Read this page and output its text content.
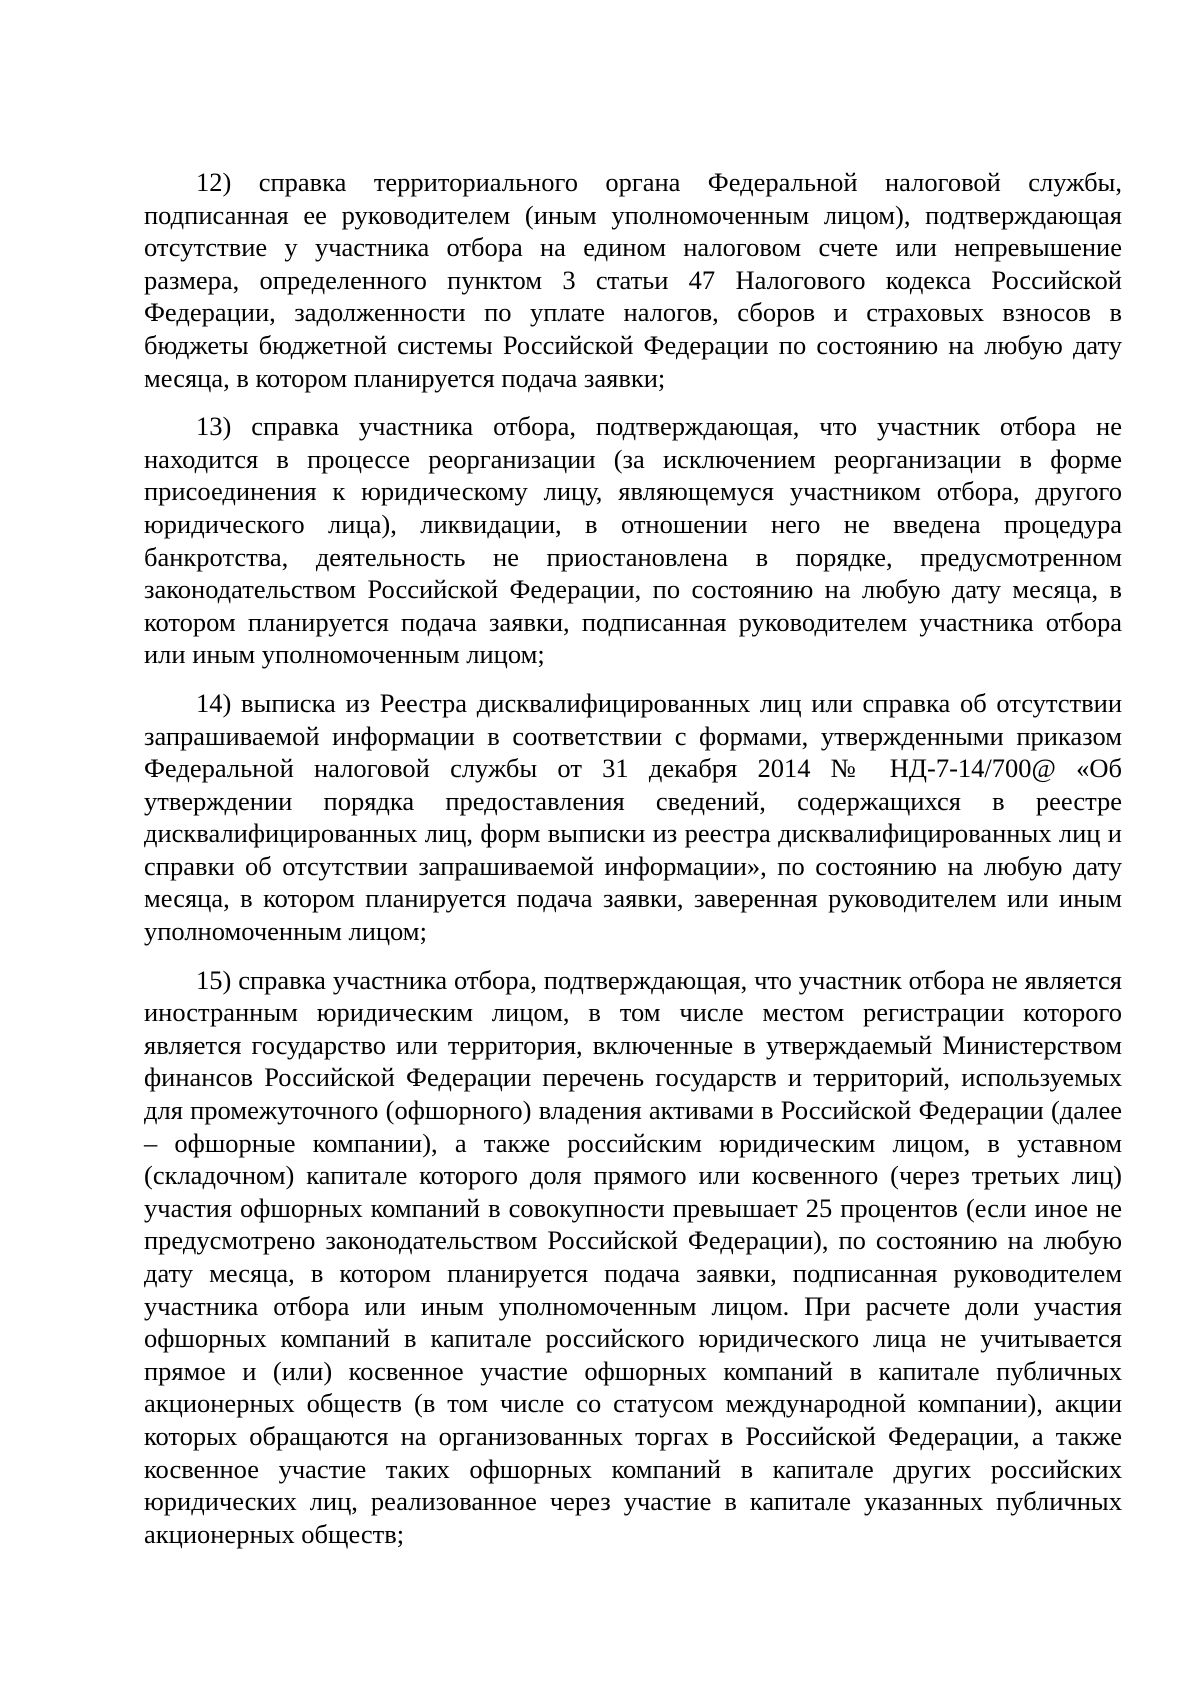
12) справка территориального органа Федеральной налоговой службы, подписанная ее руководителем (иным уполномоченным лицом), подтверждающая отсутствие у участника отбора на едином налоговом счете или непревышение размера, определенного пунктом 3 статьи 47 Налогового кодекса Российской Федерации, задолженности по уплате налогов, сборов и страховых взносов в бюджеты бюджетной системы Российской Федерации по состоянию на любую дату месяца, в котором планируется подача заявки;

13) справка участника отбора, подтверждающая, что участник отбора не находится в процессе реорганизации (за исключением реорганизации в форме присоединения к юридическому лицу, являющемуся участником отбора, другого юридического лица), ликвидации, в отношении него не введена процедура банкротства, деятельность не приостановлена в порядке, предусмотренном законодательством Российской Федерации, по состоянию на любую дату месяца, в котором планируется подача заявки, подписанная руководителем участника отбора или иным уполномоченным лицом;

14) выписка из Реестра дисквалифицированных лиц или справка об отсутствии запрашиваемой информации в соответствии с формами, утвержденными приказом Федеральной налоговой службы от 31 декабря 2014 № НД-7-14/700@ «Об утверждении порядка предоставления сведений, содержащихся в реестре дисквалифицированных лиц, форм выписки из реестра дисквалифицированных лиц и справки об отсутствии запрашиваемой информации», по состоянию на любую дату месяца, в котором планируется подача заявки, заверенная руководителем или иным уполномоченным лицом;

15) справка участника отбора, подтверждающая, что участник отбора не является иностранным юридическим лицом, в том числе местом регистрации которого является государство или территория, включенные в утверждаемый Министерством финансов Российской Федерации перечень государств и территорий, используемых для промежуточного (офшорного) владения активами в Российской Федерации (далее – офшорные компании), а также российским юридическим лицом, в уставном (складочном) капитале которого доля прямого или косвенного (через третьих лиц) участия офшорных компаний в совокупности превышает 25 процентов (если иное не предусмотрено законодательством Российской Федерации), по состоянию на любую дату месяца, в котором планируется подача заявки, подписанная руководителем участника отбора или иным уполномоченным лицом. При расчете доли участия офшорных компаний в капитале российского юридического лица не учитывается прямое и (или) косвенное участие офшорных компаний в капитале публичных акционерных обществ (в том числе со статусом международной компании), акции которых обращаются на организованных торгах в Российской Федерации, а также косвенное участие таких офшорных компаний в капитале других российских юридических лиц, реализованное через участие в капитале указанных публичных акционерных обществ;
